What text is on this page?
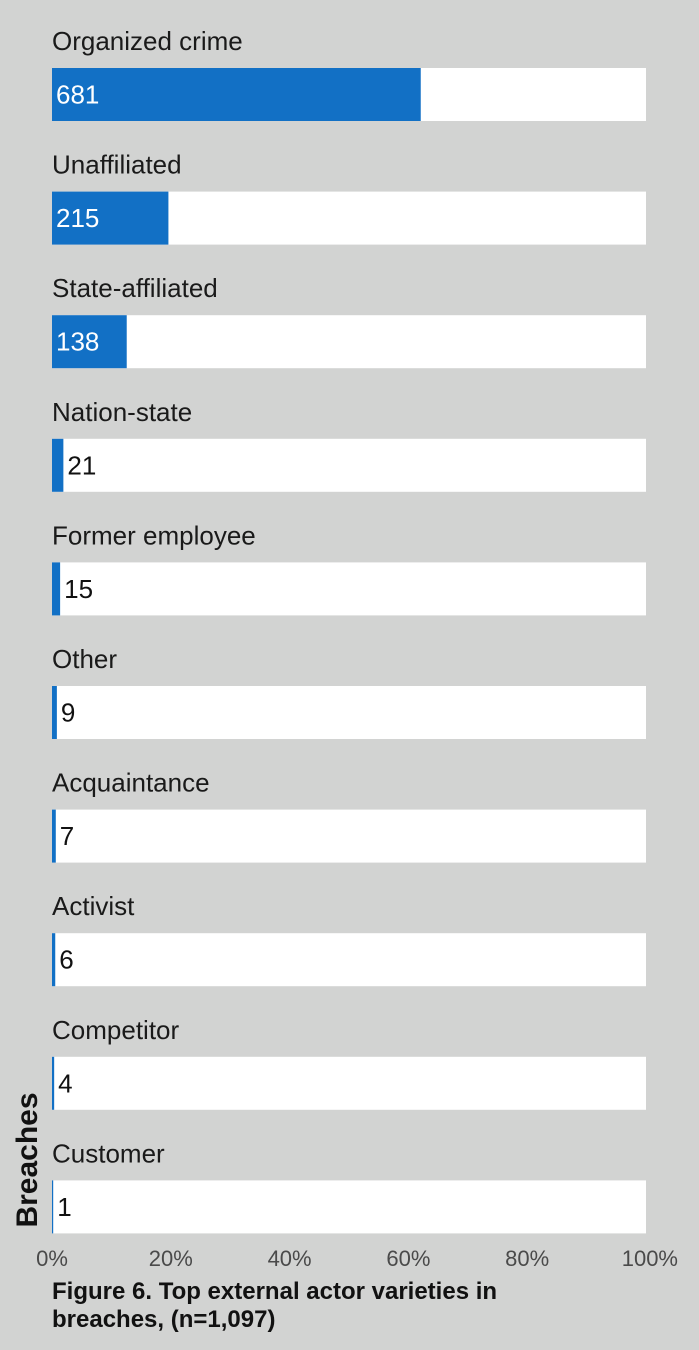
Organized crime
681
Unaffiliated
215
State-affiliated
138
Nation-state
21
Former employee
15
Other
9
Acquaintance
7
Activist
6
Competitor
4
Customer
1
0%	20%	40%	60%	80%	100%
Breaches

Figure 6. Top external actor varieties in
breaches, (n=1,097)
